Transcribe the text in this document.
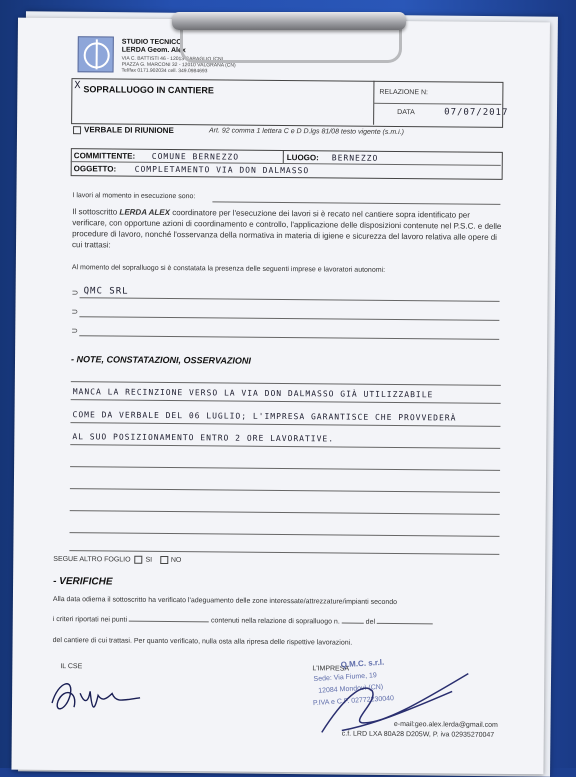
STUDIO TECNICO
LERDA Geom. Alex
VIA C. BATTISTI 46 - 12013 CARAGLIO (CN)
PIAZZA G. MARCONI 32 - 12010 VALGRANA (CN)
Tel/fax 0171.902034 cell. 349.0984693
X SOPRALLUOGO IN CANTIERE	RELAZIONE N:
DATA	07/07/2017
VERBALE DI RIUNIONE	Art. 92 comma 1 lettera C e D D.lgs 81/08 testo vigente (s.m.i.)
COMMITTENTE: COMUNE BERNEZZO	LUOGO: BERNEZZO
OGGETTO: COMPLETAMENTO VIA DON DALMASSO
I lavori al momento in esecuzione sono:
Il sottoscritto LERDA ALEX coordinatore per l'esecuzione dei lavori si è recato nel cantiere sopra identificato per verificare, con opportune azioni di coordinamento e controllo, l'applicazione delle disposizioni contenute nel P.S.C. e delle procedure di lavoro, nonché l'osservanza della normativa in materia di igiene e sicurezza del lavoro relativa alle opere di cui trattasi:
Al momento del sopralluogo si è constatata la presenza delle seguenti imprese e lavoratori autonomi:
⊃ QMC SRL
⊃
⊃
- NOTE, CONSTATAZIONI, OSSERVAZIONI
MANCA LA RECINZIONE VERSO LA VIA DON DALMASSO GIÀ UTILIZZABILE
COME DA VERBALE DEL 06 LUGLIO; L'IMPRESA GARANTISCE CHE PROVVEDERÀ
AL SUO POSIZIONAMENTO ENTRO 2 ORE LAVORATIVE.
SEGUE ALTRO FOGLIO SI	NO
- VERIFICHE
Alla data odierna il sottoscritto ha verificato l'adeguamento delle zone interessate/attrezzature/impianti secondo
i criteri riportati nei punti	contenuti nella relazione di sopralluogo n.	del
del cantiere di cui trattasi. Per quanto verificato, nulla osta alla ripresa delle rispettive lavorazioni.
IL CSE	L'IMPRESA
Q.M.C. s.r.l.
Sede: Via Fiume, 19
12084 Mondovì (CN)
P.IVA e C.F. 02772230040
e-mail:geo.alex.lerda@gmail.com
c.f. LRD LXA 80A28 D205W, P. iva 02935270047
